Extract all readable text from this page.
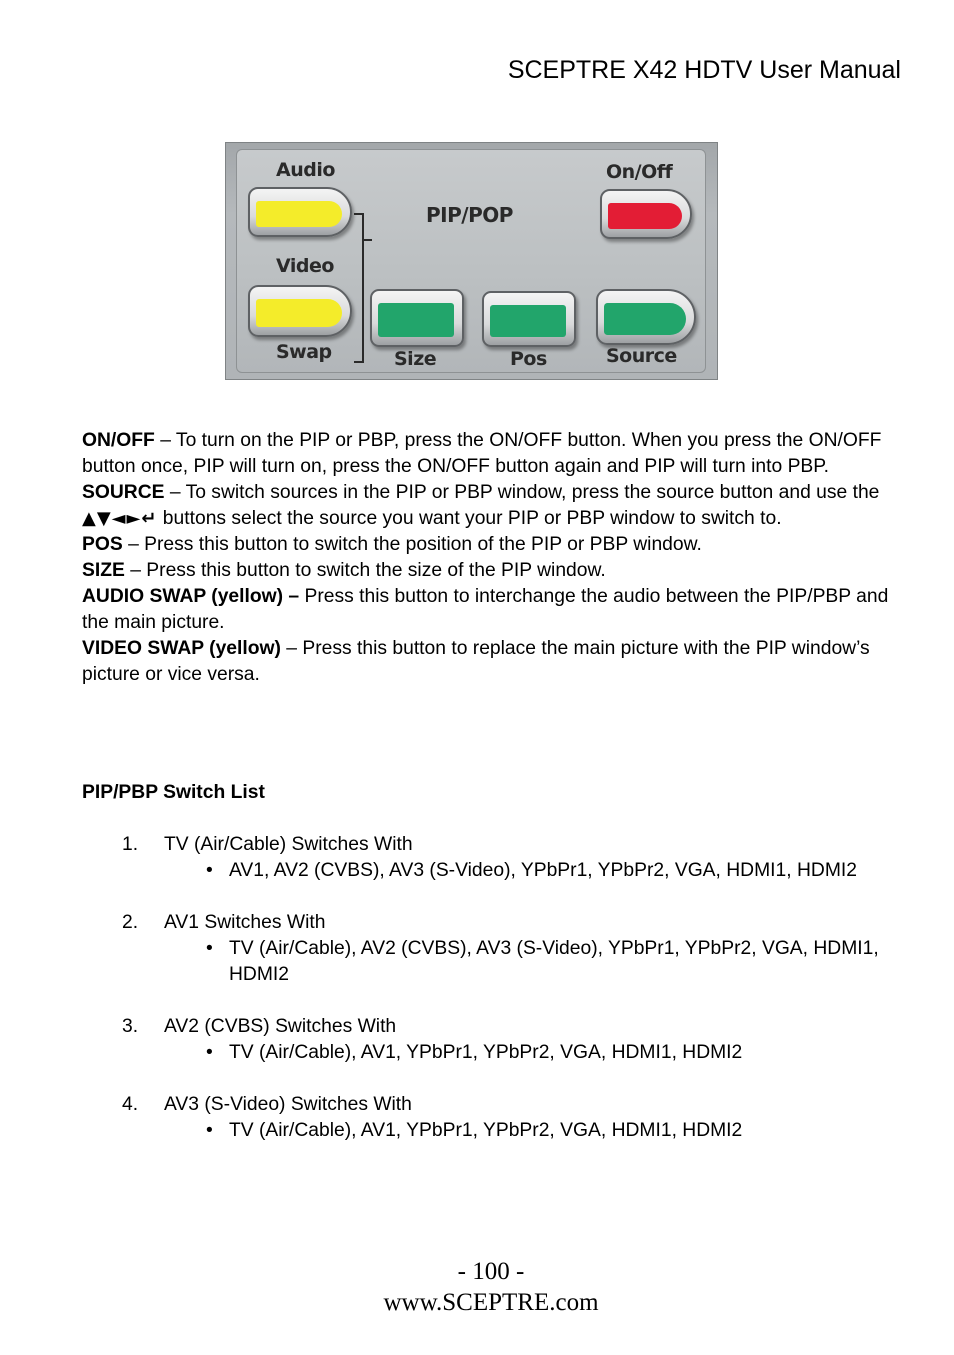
SCEPTRE X42 HDTV User Manual
Audio
Video
Swap
PIP/POP
On/Off
Size	Pos	Source

ON/OFF – To turn on the PIP or PBP, press the ON/OFF button. When you press the ON/OFF button once, PIP will turn on, press the ON/OFF button again and PIP will turn into PBP.

SOURCE – To switch sources in the PIP or PBP window, press the source button and use the ▲▼◄►↵ buttons select the source you want your PIP or PBP window to switch to.

POS – Press this button to switch the position of the PIP or PBP window.

SIZE – Press this button to switch the size of the PIP window.

AUDIO SWAP (yellow) – Press this button to interchange the audio between the PIP/PBP and the main picture.

VIDEO SWAP (yellow) – Press this button to replace the main picture with the PIP window’s picture or vice versa.

PIP/PBP Switch List
1. TV (Air/Cable) Switches With
• AV1, AV2 (CVBS), AV3 (S-Video), YPbPr1, YPbPr2, VGA, HDMI1, HDMI2
2. AV1 Switches With
• TV (Air/Cable), AV2 (CVBS), AV3 (S-Video), YPbPr1, YPbPr2, VGA, HDMI1, HDMI2
3. AV2 (CVBS) Switches With
• TV (Air/Cable), AV1, YPbPr1, YPbPr2, VGA, HDMI1, HDMI2
4. AV3 (S-Video) Switches With
• TV (Air/Cable), AV1, YPbPr1, YPbPr2, VGA, HDMI1, HDMI2
- 100 -
www.SCEPTRE.com
